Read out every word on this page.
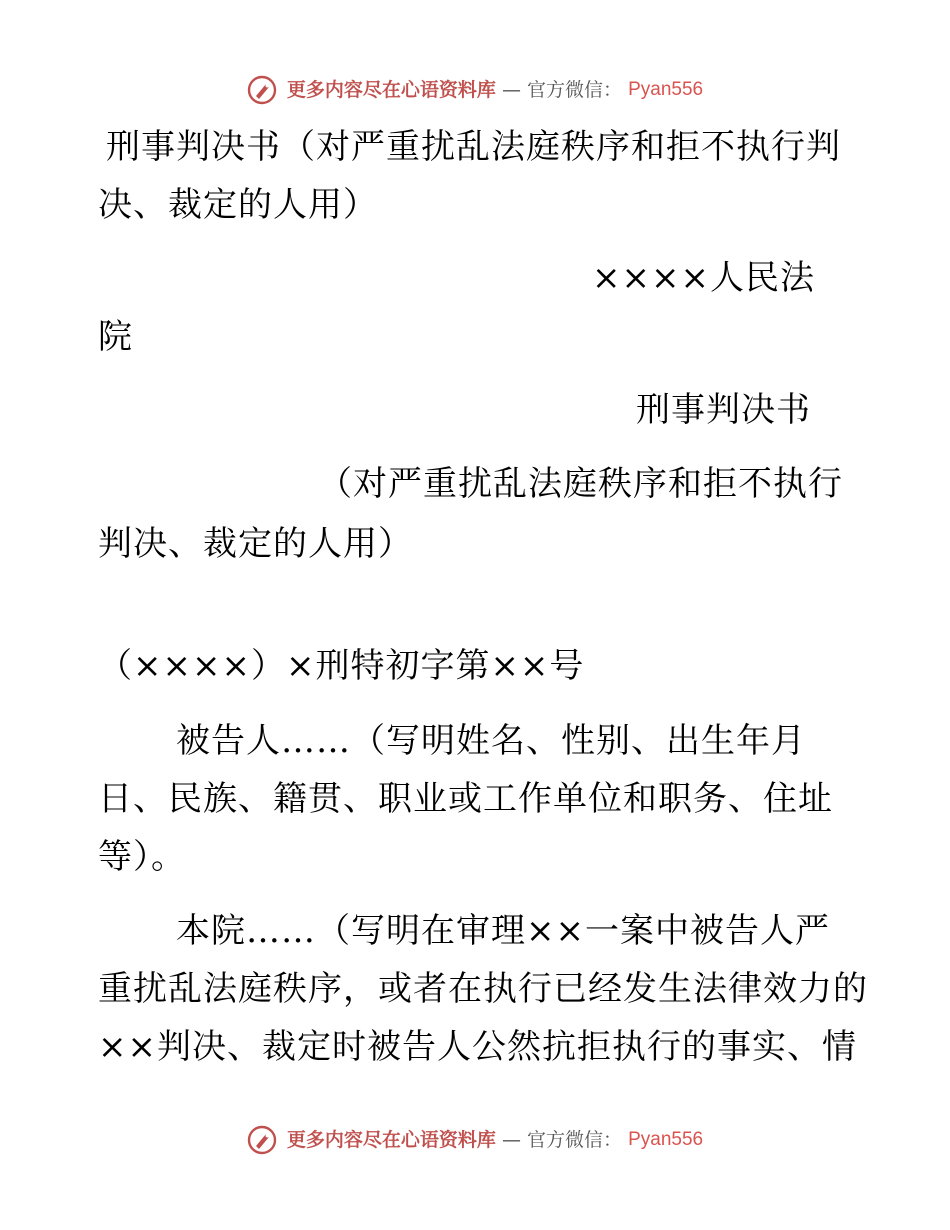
更多内容尽在心语资料库 — 官方微信： Pyan556
刑事判决书（对严重扰乱法庭秩序和拒不执行判
决、裁定的人用）
××××人民法
院
刑事判决书
（对严重扰乱法庭秩序和拒不执行
判决、裁定的人用）
（××××）×刑特初字第××号
被告人……（写明姓名、性别、出生年月
日、民族、籍贯、职业或工作单位和职务、住址
等）。
本院……（写明在审理××一案中被告人严
重扰乱法庭秩序，或者在执行已经发生法律效力的
××判决、裁定时被告人公然抗拒执行的事实、情
更多内容尽在心语资料库 — 官方微信： Pyan556
